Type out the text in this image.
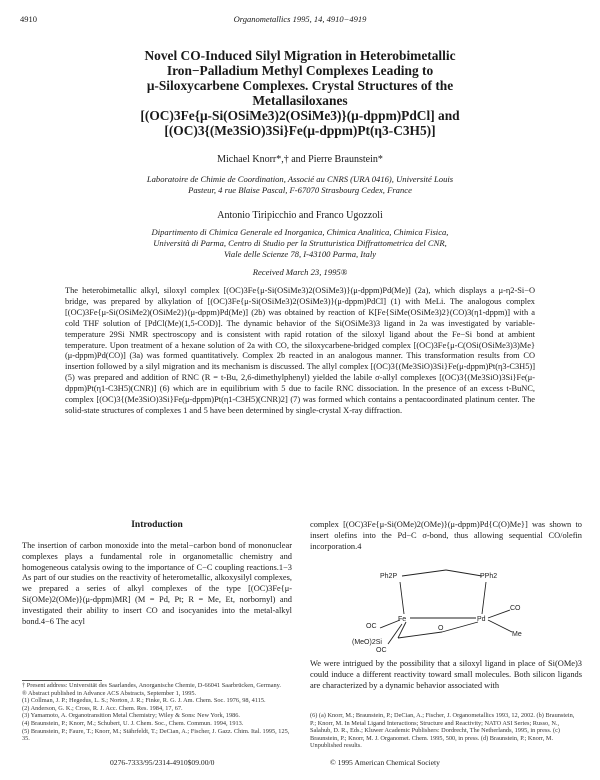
4910	Organometallics 1995, 14, 4910−4919
Novel CO-Induced Silyl Migration in Heterobimetallic
Iron−Palladium Methyl Complexes Leading to
μ-Siloxycarbene Complexes. Crystal Structures of the
Metallasiloxanes
[(OC)3Fe{μ-Si(OSiMe3)2(OSiMe3)}(μ-dppm)PdCl] and
[(OC)3{(Me3SiO)3Si}Fe(μ-dppm)Pt(η3-C3H5)]
Michael Knorr*,† and Pierre Braunstein*
Laboratoire de Chimie de Coordination, Associé au CNRS (URA 0416), Université Louis
Pasteur, 4 rue Blaise Pascal, F-67070 Strasbourg Cedex, France
Antonio Tiripicchio and Franco Ugozzoli
Dipartimento di Chimica Generale ed Inorganica, Chimica Analitica, Chimica Fisica,
Università di Parma, Centro di Studio per la Strutturistica Diffrattometrica del CNR,
Viale delle Scienze 78, I-43100 Parma, Italy
Received March 23, 1995®
The heterobimetallic alkyl, siloxyl complex [(OC)3Fe{μ-Si(OSiMe3)2(OSiMe3)}(μ-dppm)Pd(Me)] (2a), which displays a μ-η2-Si−O bridge, was prepared by alkylation of [(OC)3Fe{μ-Si(OSiMe3)2(OSiMe3)}(μ-dppm)PdCl] (1) with MeLi. The analogous complex [(OC)3Fe{μ-Si(OSiMe2)(OSiMe2)}(μ-dppm)Pd(Me)] (2b) was obtained by reaction of K[Fe{SiMe(OSiMe3)2}(CO)3(η1-dppm)] with a cold THF solution of [PdCl(Me)(1,5-COD)]. The dynamic behavior of the Si(OSiMe3)3 ligand in 2a was investigated by variable-temperature 29Si NMR spectroscopy and is consistent with rapid rotation of the siloxyl ligand about the Fe−Si bond at ambient temperature. Upon treatment of a hexane solution of 2a with CO, the siloxycarbene-bridged complex [(OC)3Fe{μ-C(OSi(OSiMe3)3)Me}(μ-dppm)Pd(CO)] (3a) was formed quantitatively. Complex 2b reacted in an analogous manner. This transformation results from CO insertion followed by a silyl migration and its mechanism is discussed. The allyl complex [(OC)3{(Me3SiO)3Si}Fe(μ-dppm)Pt(η3-C3H5)] (5) was prepared and addition of RNC (R = t-Bu, 2,6-dimethylphenyl) yielded the labile σ-allyl complexes [(OC)3{(Me3SiO)3Si}Fe(μ-dppm)Pt(η1-C3H5)(CNR)] (6) which are in equilibrium with 5 due to facile RNC dissociation. In the presence of an excess t-BuNC, complex [(OC)3{(Me3SiO)3Si}Fe(μ-dppm)Pt(η1-C3H5)(CNR)2] (7) was formed which contains a pentacoordinated platinum center. The solid-state structures of complexes 1 and 5 have been determined by single-crystal X-ray diffraction.
Introduction
The insertion of carbon monoxide into the metal−carbon bond of mononuclear complexes plays a fundamental role in organometallic chemistry and homogeneous catalysis owing to the importance of C−C coupling reactions.1−3 As part of our studies on the reactivity of heterometallic, alkoxysilyl complexes, we prepared a series of alkyl complexes of the type [(OC)3Fe{μ-Si(OMe)2(OMe)}(μ-dppm)MR] (M = Pd, Pt; R = Me, Et, norbornyl) and investigated their ability to insert CO and isocyanides into the metal-alkyl bond.4−6 The acyl
complex [(OC)3Fe{μ-Si(OMe)2(OMe)}(μ-dppm)Pd{C(O)Me}] was shown to insert olefins into the Pd−C σ-bond, thus allowing sequential CO/olefin incorporation.4
Ph2P	PPh2
Fe	Pd
(MeO)2Si
O
CO
OC
Me
OC
We were intrigued by the possibility that a siloxyl ligand in place of Si(OMe)3 could induce a different reactivity toward small molecules. Both silicon ligands are characterized by a dynamic behavior associated with
† Present address: Universität des Saarlandes, Anorganische Chemie, D-66041 Saarbrücken, Germany.
® Abstract published in Advance ACS Abstracts, September 1, 1995.
(1) Collman, J. P.; Hegedus, L. S.; Norton, J. R.; Finke, R. G. J. Am. Chem. Soc. 1976, 98, 4115.
(2) Anderson, G. K.; Cross, R. J. Acc. Chem. Res. 1984, 17, 67.
(3) Yamamoto, A. Organotransition Metal Chemistry; Wiley & Sons: New York, 1986.
(4) Braunstein, P.; Knorr, M.; Schubert, U. J. Chem. Soc., Chem. Commun. 1994, 1913.
(5) Braunstein, P.; Faure, T.; Knorr, M.; Stährfeldt, T.; DeCian, A.; Fischer, J. Gazz. Chim. Ital. 1995, 125, 35.
(6) (a) Knorr, M.; Braunstein, P.; DeCian, A.; Fischer, J. Organometallics 1993, 12, 2002. (b) Braunstein, P.; Knorr, M. In Metal Ligand Interactions; Structure and Reactivity; NATO ASI Series; Russo, N., Salahub, D. R., Eds.; Kluwer Academic Publishers: Dordrecht, The Netherlands, 1995, in press. (c) Braunstein, P.; Knorr, M. J. Organomet. Chem. 1995, 500, in press. (d) Braunstein, P.; Knorr, M. Unpublished results.
0276-7333/95/2314-4910$09.00/0	© 1995 American Chemical Society
